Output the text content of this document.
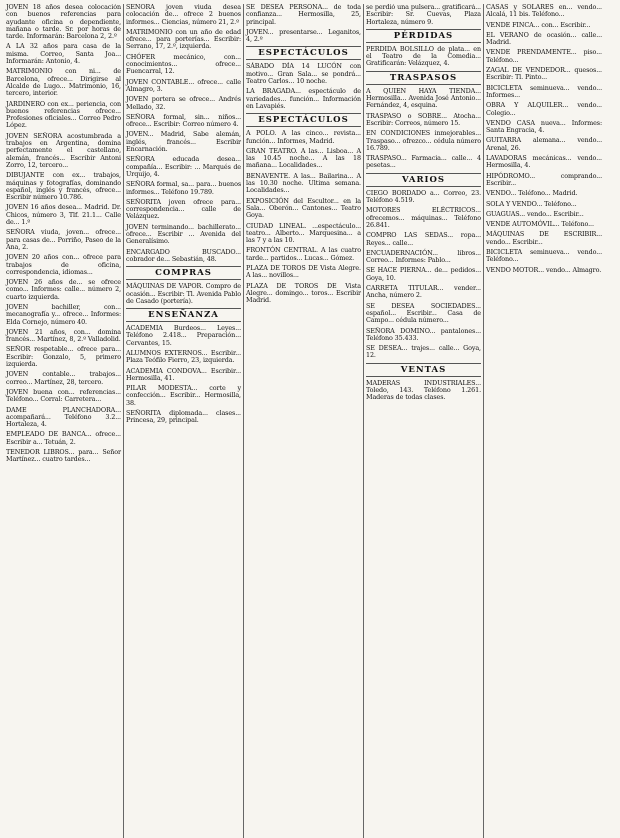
JOVEN 18 años desea colocación con buenos referencias para ayudante oficina o dependiente, mañana o tarde. Sr. por horas de tarde. Informarán: Barcelona 2, 2.º
A LA 32 años para casa de la misma. Correo, Santa Joa... Informarán: Antonio, 4.
MATRIMONIO con ni... de Barcelona, ofrece... Dirigirse al Alcalde de Lugo... Matrimonio, 16, tercero, interior.
JARDINERO con ex... periencia, con buenos referencias ofrece... Profesiones oficiales... Correo Pedro López.
JOVEN SEÑORA acostumbrada a trabajos en Argentina, domina perfectamente el castellano, alemán, francés... Escribir Antoni Zorro, 12, tercero...
DIBUJANTE con ex... trabajos, máquinas y fotografías, dominando español, inglés y francés, ofrece... Escribir número 10.786.
JOVEN 16 años desea... Madrid. Dr. Chicos, número 3, Tlf. 21.1... Calle de... 1.º
SEÑORA viuda, joven... ofrece... para casas de... Porriño, Paseo de la Ana, 2.
JOVEN 20 años con... ofrece para trabajos de oficina, correspondencia, idiomas...
JOVEN 26 años de... se ofrece como... Informes: calle... número 2, cuarto izquierda.
JOVEN bachiller, con... mecanografía y... ofrece... Informes: Elda Cornejo, número 40.
JOVEN 21 años, con... domina francés... Martínez, 8, 2.º Valladolid.
SEÑOR respetable... ofrece para... Escribir: Gonzalo, 5, primero izquierda.
JOVEN contable... trabajos... correo... Martínez, 28, tercero.
JOVEN buena con... referencias... Teléfono... Corral: Carretera...
DAME PLANCHADORA... acompañará... Teléfono 3.2... Hortaleza, 4.
EMPLEADO DE BANCA... ofrece... Escribir a... Tetuán, 2.
TENEDOR LIBROS... para... Señor Martínez... cuatro tardes...
SEÑORA joven viuda desea colocación de... ofrece 2 buenos informes... Ciencias, número 21, 2.º
MATRIMONIO con un año de edad ofrece... para porterías... Escribir: Serrano, 17, 2.º, izquierda.
CHÓFER mecánico, con... conocimientos... ofrece... Fuencarral, 12.
JOVEN CONTABLE... ofrece... calle Almagro, 3.
JOVEN portera se ofrece... Andrés Mellado, 32.
SEÑORA formal, sin... niños... ofrece... Escribir: Correo número 4.
JOVEN... Madrid, Sabe alemán, inglés, francés... Escribir Encarnación.
SEÑORA educada desea... compañía... Escribir: ... Marqués de Urquijo, 4.
SEÑORA formal, sa... para... buenos informes... Teléfono 19.789.
SEÑORITA joven ofrece para... correspondencia... calle de Velázquez.
JOVEN terminando... bachillerato... ofrece... Escribir ... Avenida del Generalísimo.
ENCARGADO BUSCADO... cobrador de... Sebastián, 48.
COMPRAS
MÁQUINAS DE VAPOR. Compro de ocasión... Escribir: Tl. Avenida Pablo de Casado (portería).
ENSEÑANZA
ACADEMIA Burdeos... Leyes... Teléfono 2.418... Preparación... Cervantes, 15.
ALUMNOS EXTERNOS... Escribir... Plaza Teófilo Fierro, 23, izquierda.
ACADEMIA CONDOVA... Escribir... Hermosilla, 41.
PILAR MODESTA... corte y confección... Escribir... Hermosilla, 38.
SEÑORITA diplomada... clases... Princesa, 29, principal.
SE DESEA PERSONA... de toda confianza... Hermosilla, 25, principal.
JOVEN... presentarse... Leganitos, 4, 2.º
ESPECTÁCULOS
SÁBADO DÍA 14 LUCÓN con motivo... Gran Sala... se pondrá... Teatro Carlos... 10 noche.
LA BRAGADA... espectáculo de variedades... función... Información en Lavapiés.
ESPECTÁCULOS
A POLO. A las cinco... revista... función... Informes, Madrid.
GRAN TEATRO. A las... Lisboa... A las 10.45 noche... A las 18 mañana... Localidades...
BENAVENTE. A las... Bailarina... A las 10.30 noche. Ultima semana. Localidades...
EXPOSICIÓN del Escultor... en la Sala... Oberón... Cantones... Teatro Goya.
CIUDAD LINEAL. ...espectáculo... teatro... Alberto... Marquesina... a las 7 y a las 10.
FRONTÓN CENTRAL. A las cuatro tarde... partidos... Lucas... Gómez.
PLAZA DE TOROS DE Vista Alegre. A las... novillos...
PLAZA DE TOROS DE Vista Alegre... domingo... toros... Escribir Madrid.
se perdió una pulsera... gratificará... Escribir: Sr. Cuevas, Plaza Hortaleza, número 9.
PÉRDIDAS
PERDIDA BOLSILLO de plata... en el Teatro de la Comedia... Gratificarán: Velázquez, 4.
TRASPASOS
A QUIEN HAYA TIENDA... Hermosilla... Avenida José Antonio... Fernández, 4, esquina.
TRASPASO o SOBRE... Atocha... Escribir: Correos, número 15.
EN CONDICIONES inmejorables... Traspaso... ofrezco... cédula número 16.789.
TRASPASO... Farmacia... calle... 4 pesetas...
VARIOS
CIEGO BORDADO a... Correo, 23. Teléfono 4.519.
MOTORES ELÉCTRICOS... ofrecemos... máquinas... Teléfono 26.841.
COMPRO LAS SEDAS... ropa... Reyes... calle...
ENCUADERNACIÓN... libros... Correo... Informes: Pablo...
SE HACE PIERNA... de... pedidos... Goya, 10.
CARRETA TITULAR... vender... Ancha, número 2.
SE DESEA SOCIEDADES... español... Escribir... Casa de Campo... cédula número...
SEÑORA DOMINO... pantalones... Teléfono 35.433.
SE DESEA... trajes... calle... Goya, 12.
VENTAS
MADERAS INDUSTRIALES... Toledo, 143. Teléfono 1.261. Maderas de todas clases.
CASAS y SOLARES en... vendo... Alcalá, 11 bis. Teléfono...
VENDE FINCA... con... Escribir...
EL VERANO de ocasión... calle... Madrid.
VENDE PRENDAMENTE... piso... Teléfono...
ZAGAL DE VENDEDOR... quesos... Escribir: Tl. Pinto...
BICICLETA seminueva... vendo... Informes...
OBRA Y ALQUILER... vendo... Colegio...
VENDO CASA nueva... Informes: Santa Engracia, 4.
GUITARRA alemana... vendo... Arenal, 26.
LAVADORAS mecánicas... vendo... Hermosilla, 4.
HIPÓDROMO... comprando... Escribir...
VENDO... Teléfono... Madrid.
SOLA Y VENDO... Teléfono...
GUAGUAS... vendo... Escribir...
VENDE AUTOMÓVIL... Teléfono...
MÁQUINAS DE ESCRIBIR... vendo... Escribir...
BICICLETA seminueva... vendo... Teléfono...
VENDO MOTOR... vendo... Almagro.
